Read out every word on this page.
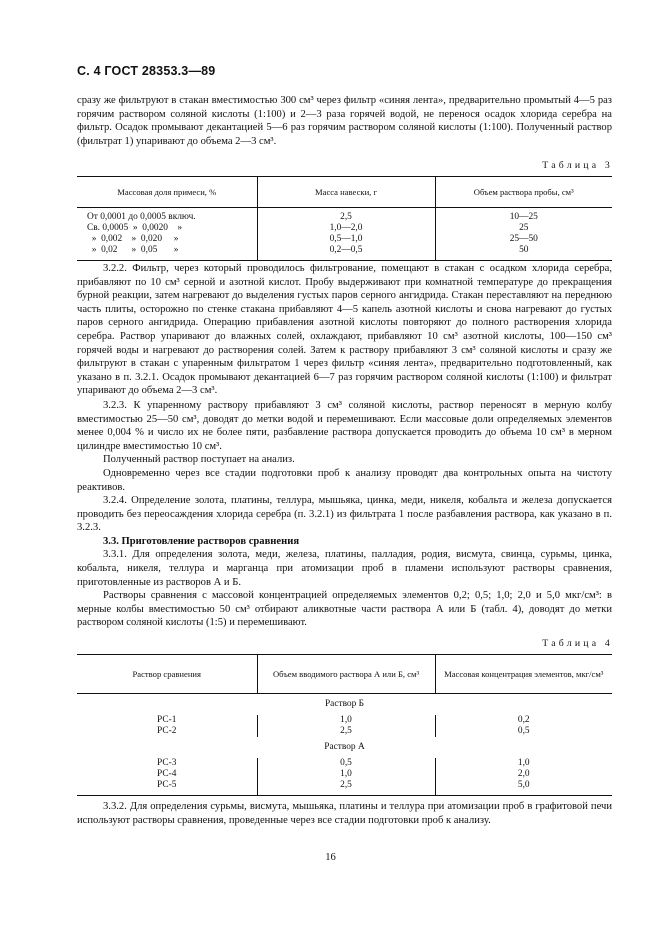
С. 4 ГОСТ 28353.3—89

сразу же фильтруют в стакан вместимостью 300 см³ через фильтр «синяя лента», предварительно промытый 4—5 раз горячим раствором соляной кислоты (1:100) и 2—3 раза горячей водой, не перенося осадок хлорида серебра на фильтр. Осадок промывают декантацией 5—6 раз горячим раствором соляной кислоты (1:100). Полученный раствор (фильтрат 1) упаривают до объема 2—3 см³.

Таблица 3
Массовая доля примеси, %	Масса навески, г	Объем раствора пробы, см³
От 0,0001 до 0,0005 включ.	2,5	10—25
Св. 0,0005  »  0,0020    »	1,0—2,0	25
»  0,002    »  0,020     »	0,5—1,0	25—50
»  0,02      »  0,05       »	0,2—0,5	50

3.2.2. Фильтр, через который проводилось фильтрование, помещают в стакан с осадком хлорида серебра, прибавляют по 10 см³ серной и азотной кислот. Пробу выдерживают при комнатной температуре до прекращения бурной реакции, затем нагревают до выделения густых паров серного ангидрида. Стакан переставляют на переднюю часть плиты, осторожно по стенке стакана прибавляют 4—5 капель азотной кислоты и снова нагревают до густых паров серного ангидрида. Операцию прибавления азотной кислоты повторяют до полного растворения хлорида серебра. Раствор упаривают до влажных солей, охлаждают, прибавляют 10 см³ азотной кислоты, 100—150 см³ горячей воды и нагревают до растворения солей. Затем к раствору прибавляют 3 см³ соляной кислоты и сразу же фильтруют в стакан с упаренным фильтратом 1 через фильтр «синяя лента», предварительно подготовленный, как указано в п. 3.2.1. Осадок промывают декантацией 6—7 раз горячим раствором соляной кислоты (1:100) и фильтрат упаривают до объема 2—3 см³.

3.2.3. К упаренному раствору прибавляют 3 см³ соляной кислоты, раствор переносят в мерную колбу вместимостью 25—50 см³, доводят до метки водой и перемешивают. Если массовые доли определяемых элементов менее 0,004 % и число их не более пяти, разбавление раствора допускается проводить до объема 10 см³ в мерном цилиндре вместимостью 10 см³.

Полученный раствор поступает на анализ.

Одновременно через все стадии подготовки проб к анализу проводят два контрольных опыта на чистоту реактивов.

3.2.4. Определение золота, платины, теллура, мышьяка, цинка, меди, никеля, кобальта и железа допускается проводить без переосаждения хлорида серебра (п. 3.2.1) из фильтрата 1 после разбавления раствора, как указано в п. 3.2.3.

3.3. Приготовление растворов сравнения

3.3.1. Для определения золота, меди, железа, платины, палладия, родия, висмута, свинца, сурьмы, цинка, кобальта, никеля, теллура и марганца при атомизации проб в пламени используют растворы сравнения, приготовленные из растворов А и Б.

Растворы сравнения с массовой концентрацией определяемых элементов 0,2; 0,5; 1,0; 2,0 и 5,0 мкг/см³: в мерные колбы вместимостью 50 см³ отбирают аликвотные части раствора А или Б (табл. 4), доводят до метки раствором соляной кислоты (1:5) и перемешивают.

Таблица 4
Раствор сравнения	Объем вводимого раствора А или Б, см³	Массовая концентрация элементов, мкг/см³
Раствор Б		
РС-1	1,0	0,2
РС-2	2,5	0,5
Раствор А		
РС-3	0,5	1,0
РС-4	1,0	2,0
РС-5	2,5	5,0

3.3.2. Для определения сурьмы, висмута, мышьяка, платины и теллура при атомизации проб в графитовой печи используют растворы сравнения, проведенные через все стадии подготовки проб к анализу.

16
